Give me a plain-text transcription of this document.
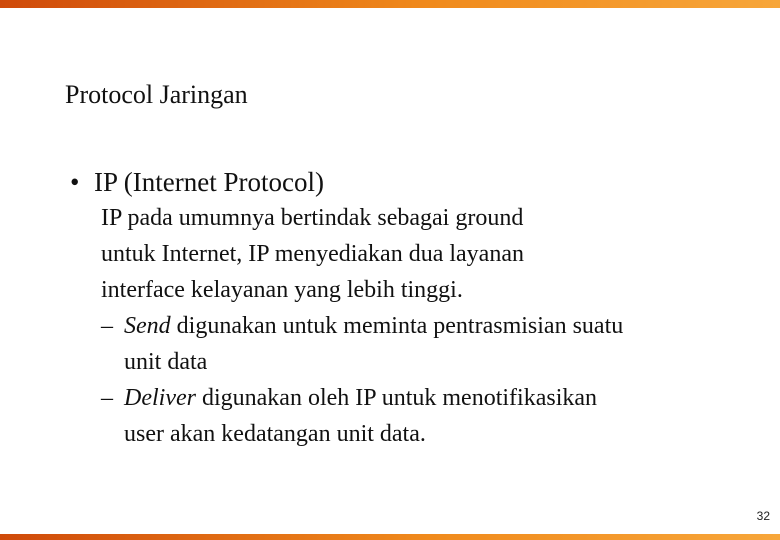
Protocol Jaringan
• IP (Internet Protocol)
IP pada umumnya bertindak sebagai ground
untuk Internet, IP menyediakan dua layanan
interface kelayanan yang lebih tinggi.
– Send digunakan untuk meminta pentrasmisian suatu
unit data
– Deliver digunakan oleh IP untuk menotifikasikan
user akan kedatangan unit data.
32
